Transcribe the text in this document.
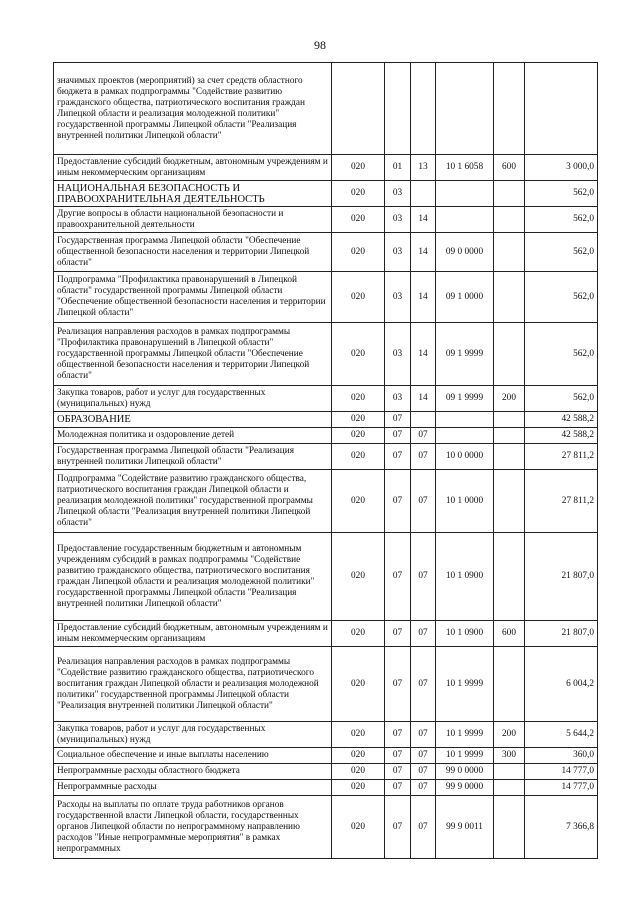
98
значимых проектов (мероприятий) за счет средств областного бюджета в рамках подпрограммы "Содействие развитию гражданского общества, патриотического воспитания граждан Липецкой области и реализация молодежной политики" государственной программы Липецкой области "Реализация внутренней политики Липецкой области"						
Предоставление субсидий бюджетным, автономным учреждениям и иным некоммерческим организациям	020	01	13	10 1 6058	600	3 000,0
НАЦИОНАЛЬНАЯ БЕЗОПАСНОСТЬ И ПРАВООХРАНИТЕЛЬНАЯ ДЕЯТЕЛЬНОСТЬ	020	03				562,0
Другие вопросы в области национальной безопасности и правоохранительной деятельности	020	03	14			562,0
Государственная программа Липецкой области "Обеспечение общественной безопасности населения и территории Липецкой области"	020	03	14	09 0 0000		562,0
Подпрограмма "Профилактика правонарушений в Липецкой области" государственной программы Липецкой области "Обеспечение общественной безопасности населения и территории Липецкой области"	020	03	14	09 1 0000		562,0
Реализация направления расходов в рамках подпрограммы "Профилактика правонарушений в Липецкой области" государственной программы Липецкой области "Обеспечение общественной безопасности населения и территории Липецкой области"	020	03	14	09 1 9999		562,0
Закупка товаров, работ и услуг для государственных (муниципальных) нужд	020	03	14	09 1 9999	200	562,0
ОБРАЗОВАНИЕ	020	07				42 588,2
Молодежная политика и оздоровление детей	020	07	07			42 588,2
Государственная программа Липецкой области "Реализация внутренней политики Липецкой области"	020	07	07	10 0 0000		27 811,2
Подпрограмма "Содействие развитию гражданского общества, патриотического воспитания граждан Липецкой области и реализация молодежной политики" государственной программы Липецкой области "Реализация внутренней политики Липецкой области"	020	07	07	10 1 0000		27 811,2
Предоставление государственным бюджетным и автономным учреждениям субсидий в рамках подпрограммы "Содействие развитию гражданского общества, патриотического воспитания граждан Липецкой области и реализация молодежной политики" государственной программы Липецкой области "Реализация внутренней политики Липецкой области"	020	07	07	10 1 0900		21 807,0
Предоставление субсидий бюджетным, автономным учреждениям и иным некоммерческим организациям	020	07	07	10 1 0900	600	21 807,0
Реализация направления расходов в рамках подпрограммы "Содействие развитию гражданского общества, патриотического воспитания граждан Липецкой области и реализация молодежной политики" государственной программы Липецкой области "Реализация внутренней политики Липецкой области"	020	07	07	10 1 9999		6 004,2
Закупка товаров, работ и услуг для государственных (муниципальных) нужд	020	07	07	10 1 9999	200	5 644,2
Социальное обеспечение и иные выплаты населению	020	07	07	10 1 9999	300	360,0
Непрограммные расходы областного бюджета	020	07	07	99 0 0000		14 777,0
Непрограммные расходы	020	07	07	99 9 0000		14 777,0
Расходы на выплаты по оплате труда работников органов государственной власти Липецкой области, государственных органов Липецкой области по непрограммному направлению расходов "Иные непрограммные мероприятия" в рамках непрограммных	020	07	07	99 9 0011		7 366,8
